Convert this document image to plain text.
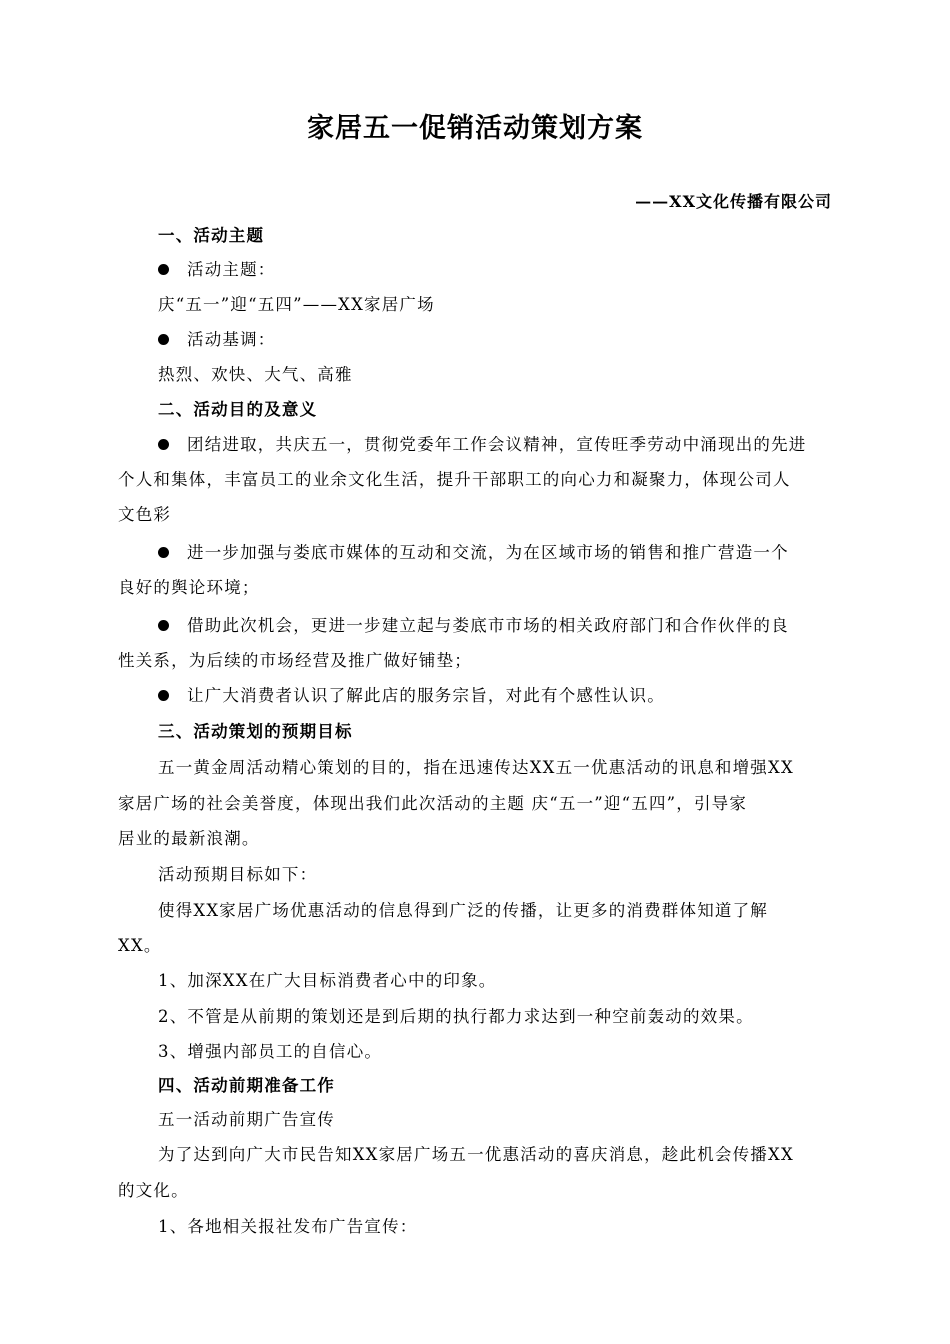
家居五一促销活动策划方案
——XX文化传播有限公司
一、活动主题
活动主题：
庆“五一”迎“五四”——XX家居广场
活动基调：
热烈、欢快、大气、高雅
二、活动目的及意义
团结进取，共庆五一，贯彻党委年工作会议精神，宣传旺季劳动中涌现出的先进
个人和集体，丰富员工的业余文化生活，提升干部职工的向心力和凝聚力，体现公司人
文色彩
进一步加强与娄底市媒体的互动和交流，为在区域市场的销售和推广营造一个
良好的舆论环境；
借助此次机会，更进一步建立起与娄底市市场的相关政府部门和合作伙伴的良
性关系，为后续的市场经营及推广做好铺垫；
让广大消费者认识了解此店的服务宗旨，对此有个感性认识。
三、活动策划的预期目标
五一黄金周活动精心策划的目的，指在迅速传达XX五一优惠活动的讯息和增强XX
家居广场的社会美誉度，体现出我们此次活动的主题 庆“五一”迎“五四”，引导家
居业的最新浪潮。
活动预期目标如下：
使得XX家居广场优惠活动的信息得到广泛的传播，让更多的消费群体知道了解
XX。
1、加深XX在广大目标消费者心中的印象。
2、不管是从前期的策划还是到后期的执行都力求达到一种空前轰动的效果。
3、增强内部员工的自信心。
四、活动前期准备工作
五一活动前期广告宣传
为了达到向广大市民告知XX家居广场五一优惠活动的喜庆消息，趁此机会传播XX
的文化。
1、各地相关报社发布广告宣传：
